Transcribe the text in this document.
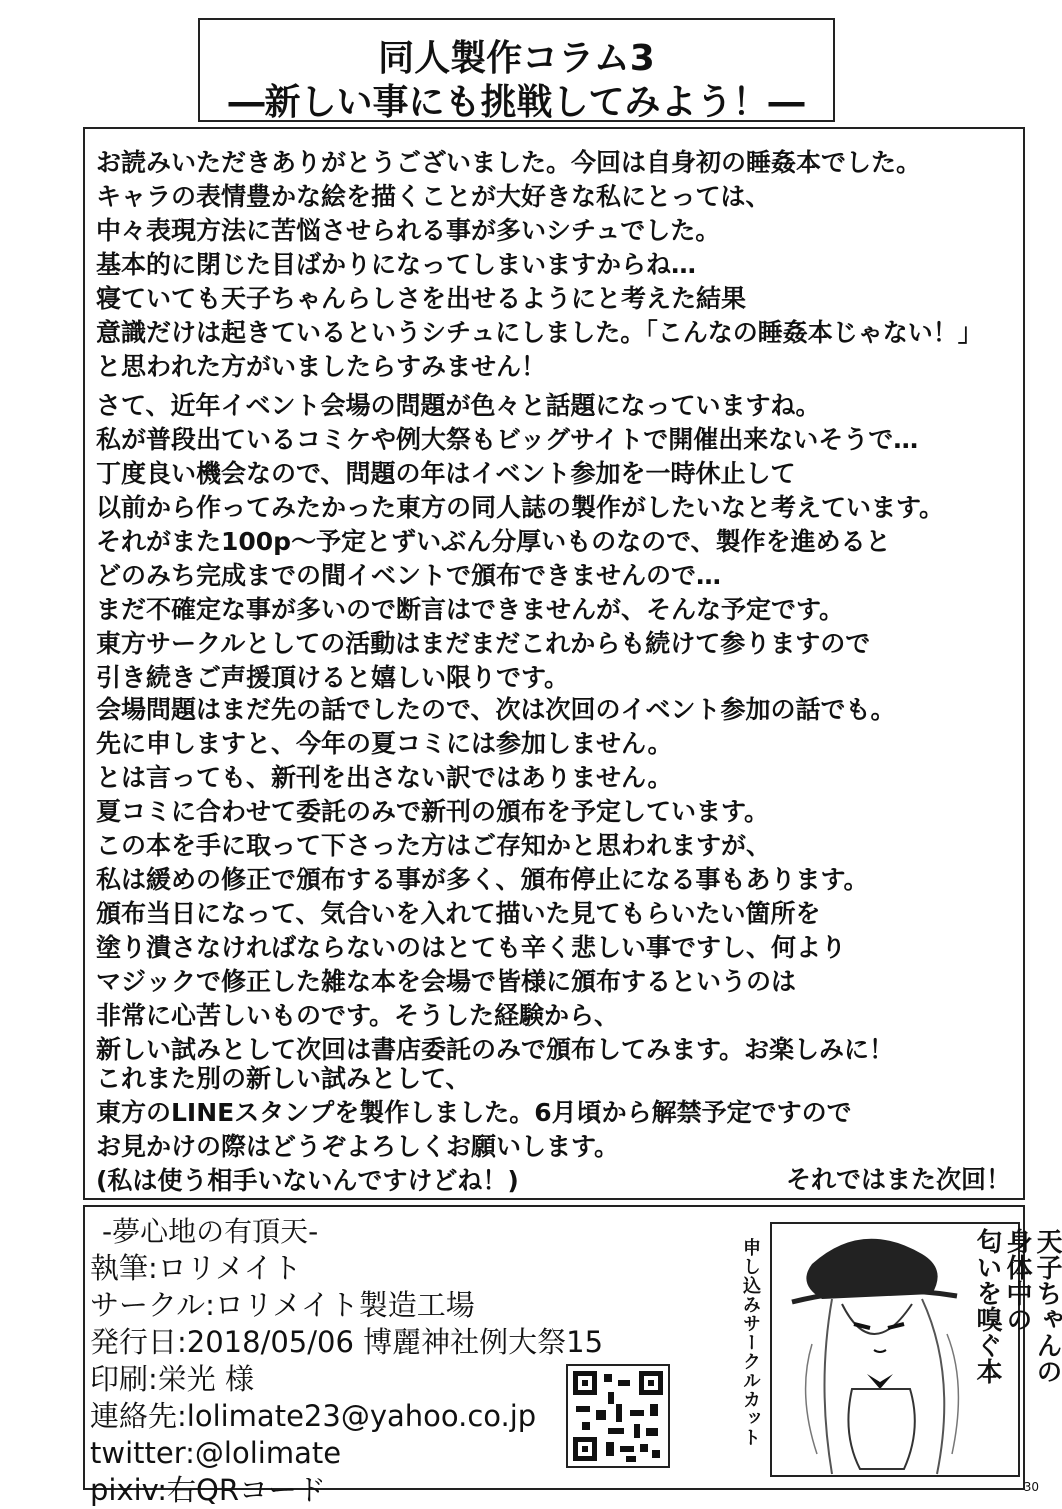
同人製作コラム3
―新しい事にも挑戦してみよう！―
お読みいただきありがとうございました。今回は自身初の睡姦本でした。
キャラの表情豊かな絵を描くことが大好きな私にとっては、
中々表現方法に苦悩させられる事が多いシチュでした。
基本的に閉じた目ばかりになってしまいますからね…
寝ていても天子ちゃんらしさを出せるようにと考えた結果
意識だけは起きているというシチュにしました。「こんなの睡姦本じゃない！」
と思われた方がいましたらすみません！
さて、近年イベント会場の問題が色々と話題になっていますね。
私が普段出ているコミケや例大祭もビッグサイトで開催出来ないそうで…
丁度良い機会なので、問題の年はイベント参加を一時休止して
以前から作ってみたかった東方の同人誌の製作がしたいなと考えています。
それがまた100p～予定とずいぶん分厚いものなので、製作を進めると
どのみち完成までの間イベントで頒布できませんので…
まだ不確定な事が多いので断言はできませんが、そんな予定です。
東方サークルとしての活動はまだまだこれからも続けて参りますので
引き続きご声援頂けると嬉しい限りです。
会場問題はまだ先の話でしたので、次は次回のイベント参加の話でも。
先に申しますと、今年の夏コミには参加しません。
とは言っても、新刊を出さない訳ではありません。
夏コミに合わせて委託のみで新刊の頒布を予定しています。
この本を手に取って下さった方はご存知かと思われますが、
私は緩めの修正で頒布する事が多く、頒布停止になる事もあります。
頒布当日になって、気合いを入れて描いた見てもらいたい箇所を
塗り潰さなければならないのはとても辛く悲しい事ですし、何より
マジックで修正した雑な本を会場で皆様に頒布するというのは
非常に心苦しいものです。そうした経験から、
新しい試みとして次回は書店委託のみで頒布してみます。お楽しみに！
これまた別の新しい試みとして、
東方のLINEスタンプを製作しました。6月頃から解禁予定ですので
お見かけの際はどうぞよろしくお願いします。
(私は使う相手いないんですけどね！)	それではまた次回！
-夢心地の有頂天-
執筆:ロリメイト
サークル:ロリメイト製造工場
発行日:2018/05/06 博麗神社例大祭15
印刷:栄光 様
連絡先:lolimate23@yahoo.co.jp
twitter:@lolimate
pixiv:右QRコード
申し込みサークルカット	天子ちゃんの
身体中の
匂いを嗅ぐ本
30
